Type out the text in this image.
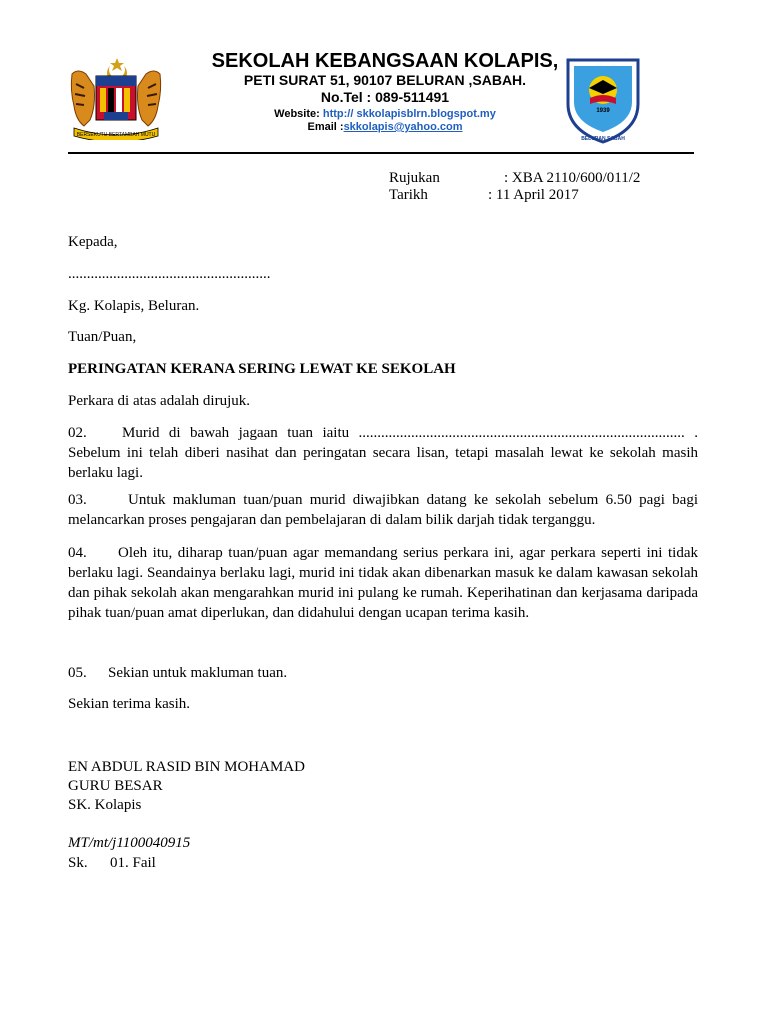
BERSEKUTU BERTAMBAH MUTU
1939
BELURAN SABAH
SEKOLAH KEBANGSAAN KOLAPIS,
PETI SURAT 51, 90107 BELURAN ,SABAH.
No.Tel : 089-511491
Website: http:// skkolapisblrn.blogspot.my
Email :skkolapis@yahoo.com
Rujukan	: XBA 2110/600/011/2
Tarikh	: 11 April 2017
Kepada,
......................................................
Kg. Kolapis, Beluran.
Tuan/Puan,
PERINGATAN KERANA SERING LEWAT KE SEKOLAH
Perkara di atas adalah dirujuk.
02. Murid di bawah jagaan tuan iaitu ....................................................................................... . Sebelum ini telah diberi nasihat dan peringatan secara lisan, tetapi masalah lewat ke sekolah masih berlaku lagi.
03.	Untuk makluman tuan/puan murid diwajibkan datang ke sekolah sebelum 6.50 pagi bagi melancarkan proses pengajaran dan pembelajaran di dalam bilik darjah tidak terganggu.
04. Oleh itu, diharap tuan/puan agar memandang serius perkara ini, agar perkara seperti ini tidak berlaku lagi. Seandainya berlaku lagi, murid ini tidak akan dibenarkan masuk ke dalam kawasan sekolah dan pihak sekolah akan mengarahkan murid ini pulang ke rumah. Keperihatinan dan kerjasama daripada pihak tuan/puan amat diperlukan, dan didahului dengan ucapan terima kasih.
05. Sekian untuk makluman tuan.
Sekian terima kasih.
EN ABDUL RASID BIN MOHAMAD
GURU BESAR
SK. Kolapis
MT/mt/j1100040915
Sk. 01. Fail
